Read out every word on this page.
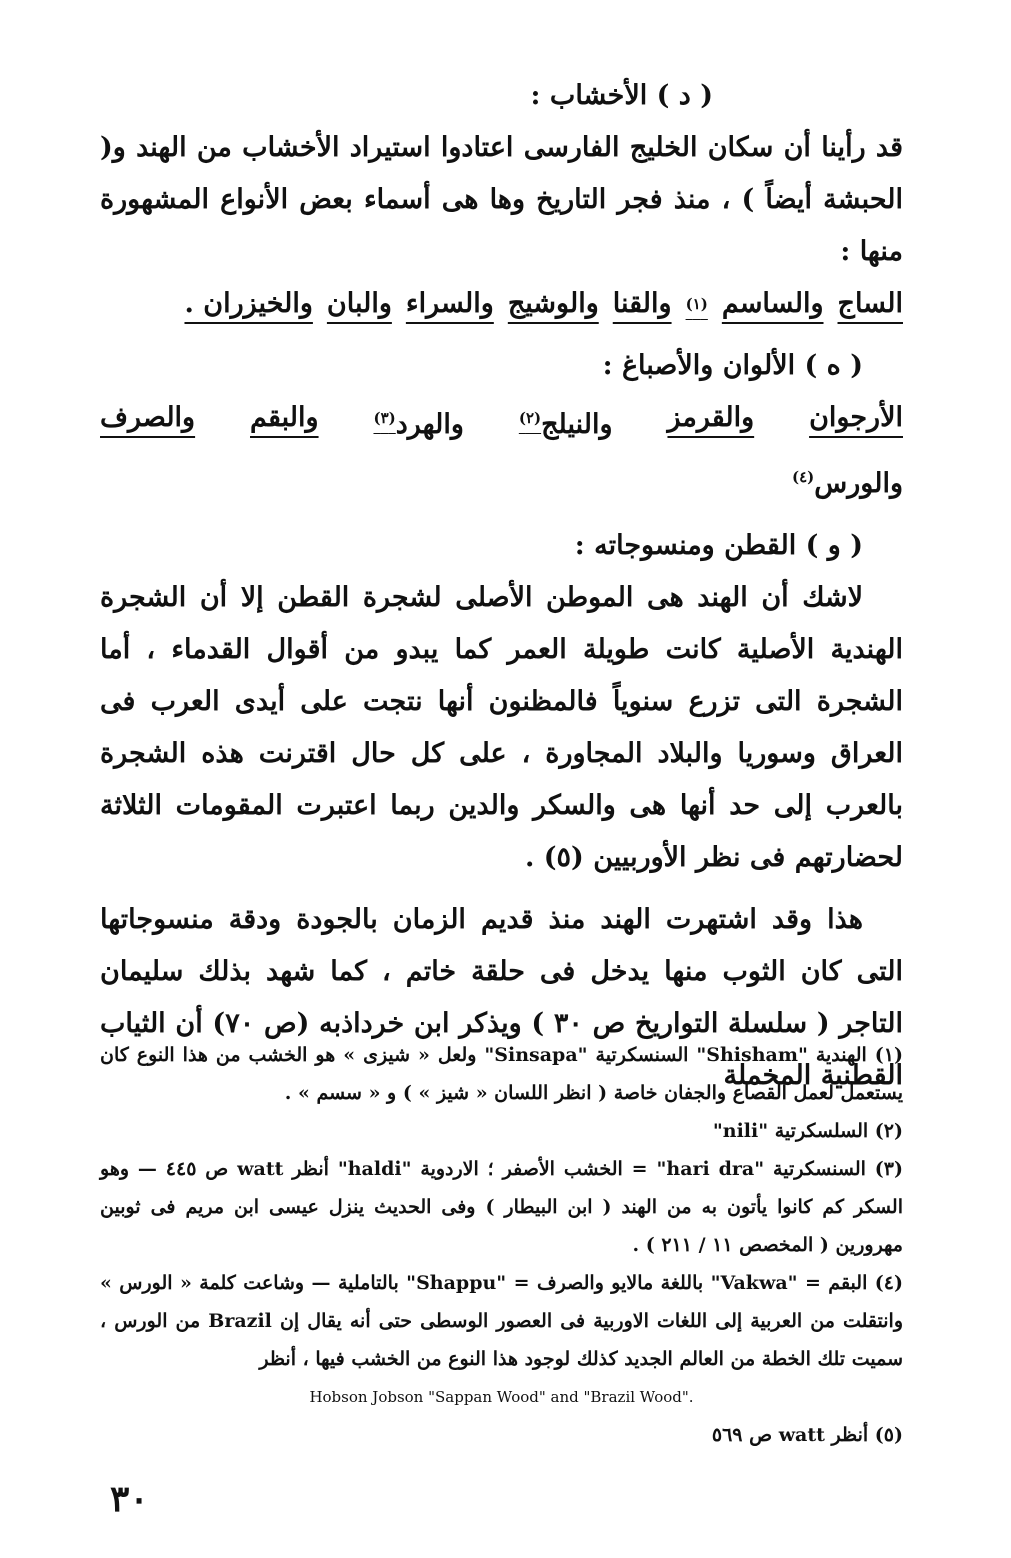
( د ) الأخشاب :

قد رأينا أن سكان الخليج الفارسى اعتادوا استيراد الأخشاب من الهند و( الحبشة أيضاً ) ، منذ فجر التاريخ وها هى أسماء بعض الأنواع المشهورة منها :

الساج
والساسم
(١)
والقنا
والوشيج
والسراء
والبان
والخيزران .

( ه ) الألوان والأصباغ :

الأرجوان
والقرمز
والنيلج(٢)
والهرد(٣)
والبقم
والصرف

والورس$^{(٤)}$

( و ) القطن ومنسوجاته :

لاشك أن الهند هى الموطن الأصلى لشجرة القطن إلا أن الشجرة الهندية الأصلية كانت طويلة العمر كما يبدو من أقوال القدماء ، أما الشجرة التى تزرع سنوياً فالمظنون أنها نتجت على أيدى العرب فى العراق وسوريا والبلاد المجاورة ، على كل حال اقترنت هذه الشجرة بالعرب إلى حد أنها هى والسكر والدين ربما اعتبرت المقومات الثلاثة لحضارتهم فى نظر الأوربيين (٥) .

هذا وقد اشتهرت الهند منذ قديم الزمان بالجودة ودقة منسوجاتها التى كان الثوب منها يدخل فى حلقة خاتم ، كما شهد بذلك سليمان التاجر ( سلسلة التواريخ ص ٣٠ ) ويذكر ابن خرداذبه (ص ٧٠) أن الثياب القطنية المخملة

(١) الهندية "Shisham" السنسكرتية "Sinsapa" ولعل « شيزى » هو الخشب من هذا النوع كان يستعمل لعمل القصاع والجفان خاصة ( انظر اللسان « شيز » ) و « سسم » .

(٢) السلسكرتية "nili"

(٣) السنسكرتية "hari dra" = الخشب الأصفر ؛ الاردوية "haldi" أنظر watt ص ٤٤٥ — وهو السكر كم كانوا يأتون به من الهند ( ابن البيطار ) وفى الحديث ينزل عيسى ابن مريم فى ثوبين مهرورين ( المخصص ١١ / ٢١١ ) .

(٤) البقم = "Vakwa" باللغة مالايو والصرف = "Shappu" بالتاملية — وشاعت كلمة « الورس » وانتقلت من العربية إلى اللغات الاوربية فى العصور الوسطى حتى أنه يقال إن Brazil من الورس ، سميت تلك الخطة من العالم الجديد كذلك لوجود هذا النوع من الخشب فيها ، أنظر

Hobson Jobson "Sappan Wood" and "Brazil Wood".

(٥) أنظر watt ص ٥٦٩

٣٠
